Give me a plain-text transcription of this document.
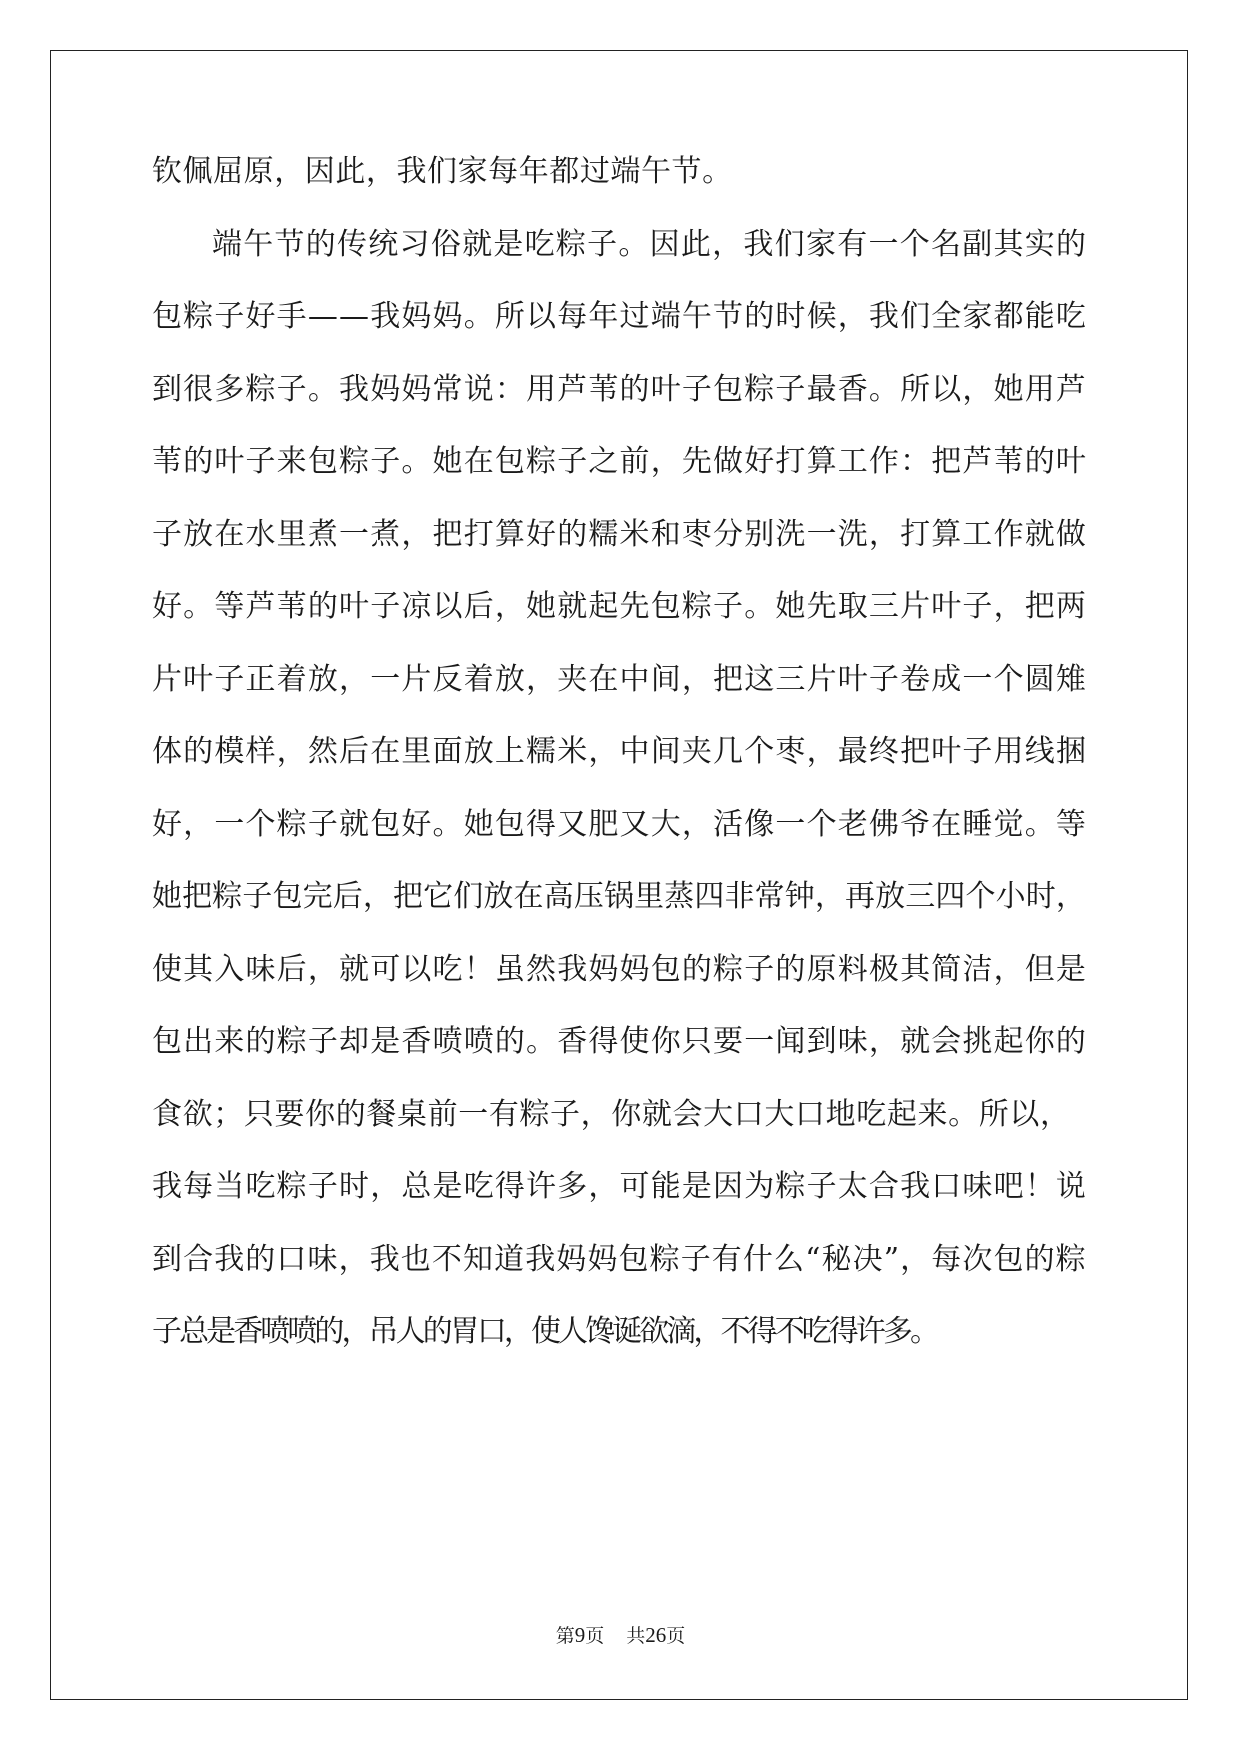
钦佩屈原，因此，我们家每年都过端午节。
端午节的传统习俗就是吃粽子。因此，我们家有一个名副其实的
包粽子好手——我妈妈。所以每年过端午节的时候，我们全家都能吃
到很多粽子。我妈妈常说：用芦苇的叶子包粽子最香。所以，她用芦
苇的叶子来包粽子。她在包粽子之前，先做好打算工作：把芦苇的叶
子放在水里煮一煮，把打算好的糯米和枣分别洗一洗，打算工作就做
好。等芦苇的叶子凉以后，她就起先包粽子。她先取三片叶子，把两
片叶子正着放，一片反着放，夹在中间，把这三片叶子卷成一个圆雉
体的模样，然后在里面放上糯米，中间夹几个枣，最终把叶子用线捆
好，一个粽子就包好。她包得又肥又大，活像一个老佛爷在睡觉。等
她把粽子包完后，把它们放在高压锅里蒸四非常钟，再放三四个小时，
使其入味后，就可以吃！虽然我妈妈包的粽子的原料极其简洁，但是
包出来的粽子却是香喷喷的。香得使你只要一闻到味，就会挑起你的
食欲；只要你的餐桌前一有粽子，你就会大口大口地吃起来。所以，
我每当吃粽子时，总是吃得许多，可能是因为粽子太合我口味吧！说
到合我的口味，我也不知道我妈妈包粽子有什么“秘决”，每次包的粽
子总是香喷喷的，吊人的胃口，使人馋诞欲滴，不得不吃得许多。
第9页 共26页
